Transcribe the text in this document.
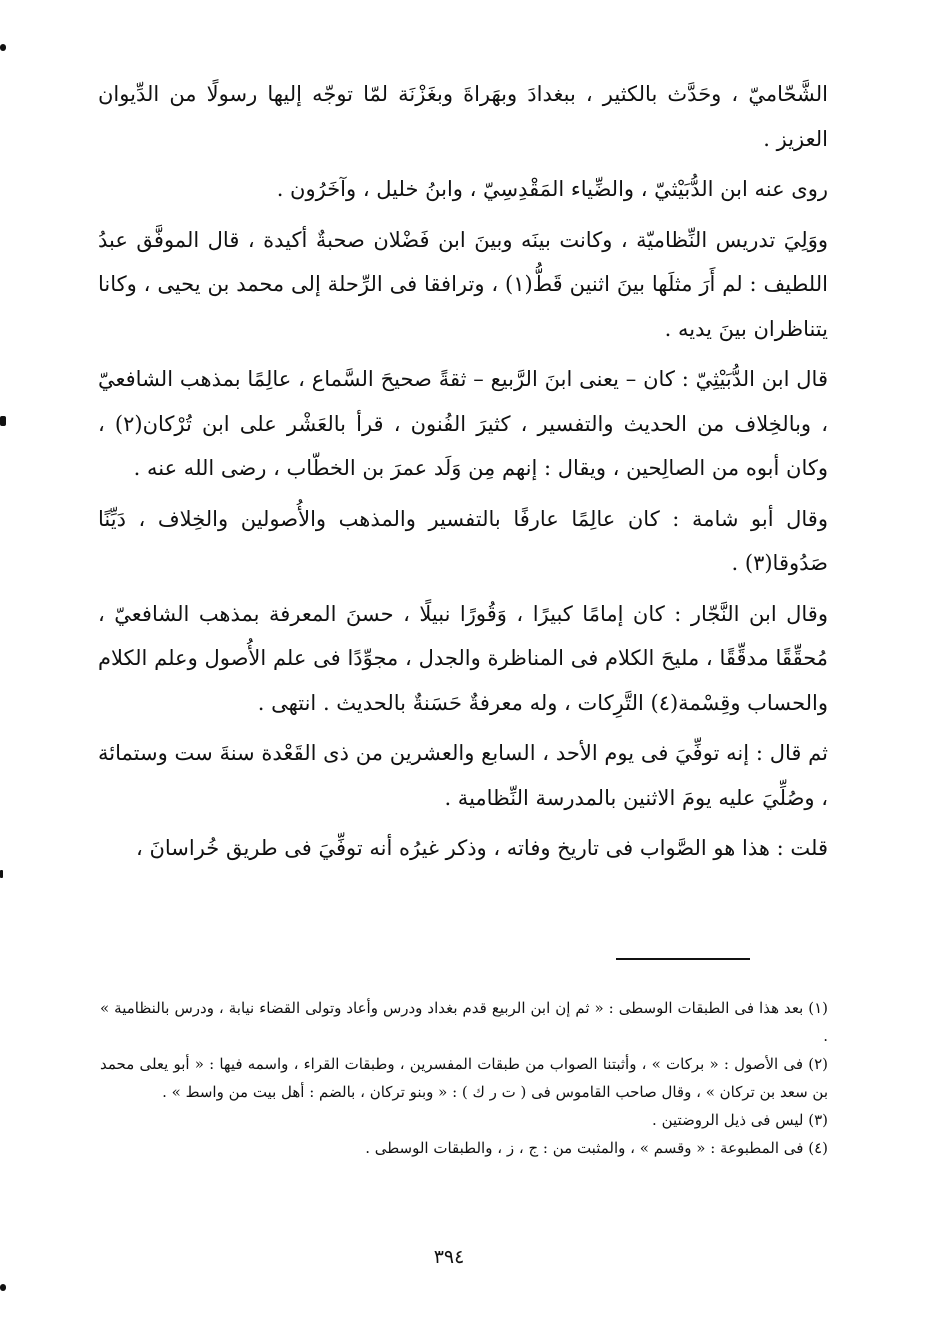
الشَّحّاميّ ، وحَدَّث بالكثير ، ببغدادَ وبهَراةَ وبغَزْنَة لمّا توجّه إليها رسولًا من الدِّيوان العزيز .

روى عنه ابن الدُّبَيْثيّ ، والضِّياء المَقْدِسِيّ ، وابنُ خليل ، وآخَرُون .

ووَلِيَ تدريس النِّظاميّة ، وكانت بينَه وبينَ ابن فَضْلان صحبةٌ أكيدة ، قال الموفَّق عبدُ اللطيف : لم أَرَ مثلَها بينَ اثنين قَطُّ(١) ، وترافقا فى الرِّحلة إلى محمد بن يحيى ، وكانا يتناظران بينَ يديه .

قال ابن الدُّبَيْثِيّ : كان – يعنى ابنَ الرَّبيع – ثقةً صحيحَ السَّماع ، عالِمًا بمذهب الشافعيّ ، وبالخِلاف من الحديث والتفسير ، كثيرَ الفُنون ، قرأ بالعَشْر على ابن تُرْكان(٢) ، وكان أبوه من الصالِحين ، ويقال : إنهم مِن وَلَد عمرَ بن الخطّاب ، رضى الله عنه .

وقال أبو شامة : كان عالِمًا عارفًا بالتفسير والمذهب والأُصولين والخِلاف ، دَيِّنًا صَدُوقا(٣) .

وقال ابن النَّجّار : كان إمامًا كبيرًا ، وَقُورًا نبيلًا ، حسنَ المعرفة بمذهب الشافعيّ ، مُحقِّقًا مدقِّقًا ، مليحَ الكلام فى المناظرة والجدل ، مجوِّدًا فى علم الأُصول وعلم الكلام والحساب وقِسْمة(٤) التَّرِكات ، وله معرفةٌ حَسَنةٌ بالحديث . انتهى .

ثم قال : إنه توفِّيَ فى يوم الأحد ، السابع والعشرين من ذى القَعْدة سنةَ ست وستمائة ، وصُلِّيَ عليه يومَ الاثنين بالمدرسة النِّظامية .

قلت : هذا هو الصَّواب فى تاريخ وفاته ، وذكر غيرُه أنه توفِّيَ فى طريق خُراسانَ ،

(١) بعد هذا فى الطبقات الوسطى : « ثم إن ابن الربيع قدم بغداد ودرس وأعاد وتولى القضاء نيابة ، ودرس بالنظامية » .

(٢) فى الأصول : « بركات » ، وأثبتنا الصواب من طبقات المفسرين ، وطبقات القراء ، واسمه فيها : « أبو يعلى محمد بن سعد بن تركان » ، وقال صاحب القاموس فى ( ت ر ك ) : « وبنو تركان ، بالضم : أهل بيت من واسط » .

(٣) ليس فى ذيل الروضتين .

(٤) فى المطبوعة : « وقسم » ، والمثبت من : ج ، ز ، والطبقات الوسطى .

٣٩٤
